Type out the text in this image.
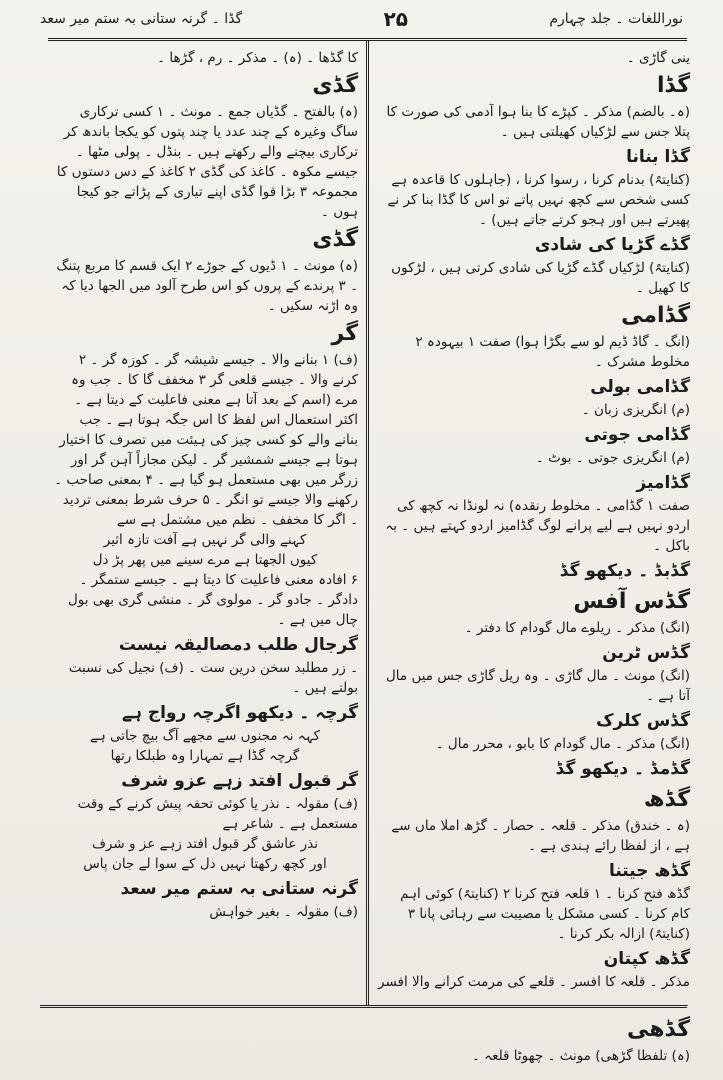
نوراللغات ۔ جلد چہارم
۲۵
گڈا ۔ گرنہ ستانی بہ ستم میر سعد

ینی گاڑی ۔

گڈا

(ہ۔ بالضم) مذکر ۔ کپڑے کا بنا ہوا آدمی کی صورت کا پتلا جس سے لڑکیاں کھیلتی ہیں ۔

گڈا بنانا

(کنایتہً) بدنام کرنا ، رسوا کرنا ، (جاہلوں کا قاعدہ ہے کسی شخص سے کچھ نہیں پاتے تو اس کا گڈا بنا کر نے پھیرتے ہیں اور ہجو کرتے جاتے ہیں) ۔

گڈے گڑیا کی شادی

(کنایتہً) لڑکیاں گڈے گڑیا کی شادی کرتی ہیں ، لڑکوں کا کھیل ۔

گڈامی

(انگ ۔ گاڈ ڈیم لو سے بگڑا ہوا) صفت ۱ بیہودہ ۲ مخلوط مشرک ۔

گڈامی بولی

(م) انگریزی زبان ۔

گڈامی جوتی

(م) انگریزی جوتی ۔ بوٹ ۔

گڈامیز

صفت ۱ گڈامی ۔ مخلوط رنقدہ) نہ لونڈا نہ کچھ کی اردو نہیں ہے لیے پرانے لوگ گڈامیز اردو کہتے ہیں ۔ بہ باکل ۔

گڈبڈ ۔ دیکھو گڈ

گڈس آفس

(انگ) مذکر ۔ ریلوے مال گودام کا دفتر ۔

گڈس ٹرین

(انگ) مونث ۔ مال گاڑی ۔ وہ ریل گاڑی جس میں مال آتا ہے ۔

گڈس کلرک

(انگ) مذکر ۔ مال گودام کا بابو ، محرر مال ۔

گڈمڈ ۔ دیکھو گڈ

گڈھ

(ہ ۔ خندق) مذکر ۔ قلعہ ۔ حصار ۔ گڑھ املا ماں سے ہے ، از لفظا رائے ہندی ہے ۔

گڈھ جیتنا

گڈھ فتح کرنا ۔ ۱ قلعہ فتح کرنا ۲ (کنایتہً) کوئی اہم کام کرنا ۔ کسی مشکل یا مصیبت سے رہائی پانا ۳ (کنایتہً) ازالہ بکر کرنا ۔

گڈھ کپتان

مذکر ۔ قلعہ کا افسر ۔ قلعے کی مرمت کرانے والا افسر ۔

گڈھی

(ہ) تلفظا گڑھی) مونث ۔ چھوٹا قلعہ ۔

کا گڈھا ۔ (ہ) ۔ مذکر ۔ رم ، گڑھا ۔

گڈی

(ہ) بالفتح ۔ گڈیاں جمع ۔ مونث ۔ ۱ کسی ترکاری ساگ وغیرہ کے چند عدد یا چند پتوں کو یکجا باندھ کر ترکاری بیچنے والے رکھتے ہیں ۔ بنڈل ۔ پولی مٹھا ۔ جیسے مکوہ ۔ کاغذ کی گڈی ۲ کاغذ کے دس دستوں کا مجموعہ ۳ بڑا قوا گڈی اپنے تیاری کے پڑاتے جو کیجا ہوں ۔

گڈی

(ہ) مونث ۔ ۱ ڈیوں کے جوڑے ۲ ایک قسم کا مربع پتنگ ۔ ۳ پرندے کے پروں کو اس طرح آلود میں الجھا دیا کہ وہ اڑنہ سکیں ۔

گر

(ف) ۱ بنانے والا ۔ جیسے شیشہ گر ۔ کوزہ گر ۔ ۲ کرنے والا ۔ جیسے قلعی گر ۳ مخفف گا کا ۔ جب وہ مرے (اسم کے بعد آتا ہے معنی فاعلیت کے دیتا ہے ۔ اکثر استعمال اس لفظ کا اس جگہ ہوتا ہے ۔ جب بنانے والے کو کسی چیز کی ہیئت میں تصرف کا اختیار ہوتا ہے جیسے شمشیر گر ۔ لیکن مجازاً آہن گر اور زرگر میں بھی مستعمل ہو گیا ہے ۔ ۴ بمعنی صاحب ۔ رکھنے والا جیسے تو انگر ۔ ۵ حرف شرط بمعنی تردید ۔ اگر کا مخفف ۔ نظم میں مشتمل ہے سے

کہنے والی گر نہیں ہے آفت تازہ اثیر

کیوں الجھتا ہے مرے سینے میں پھر پڑ دل

۶ افادہ معنی فاعلیت کا دیتا ہے ۔ جیسے ستمگر ۔ دادگر ۔ جادو گر ۔ مولوی گر ۔ منشی گری بھی بول چال میں ہے ۔

گرجال طلب دمصالیقہ نیست

۔ زر مطلبد سخن درین ست ۔ (ف) نجیل کی نسبت بولتے ہیں ۔

گرچہ ۔ دیکھو اگرچہ رواج ہے

کہہ نہ مجنوں سے مجھے آگ بیچ جاتی ہے

گرچہ گڈا ہے تمہارا وہ طبلکا رتھا

گر قبول افتد زہے عزو شرف

(ف) مقولہ ۔ نذر یا کوئی تحفہ پیش کرنے کے وقت مستعمل ہے ۔ شاعر ہے

نذر عاشق گر قبول افتد زہے عز و شرف

اور کچھ رکھتا نہیں دل کے سوا لے جان پاس

گرنہ ستانی بہ ستم میر سعد

(ف) مقولہ ۔ بغیر خواہش
